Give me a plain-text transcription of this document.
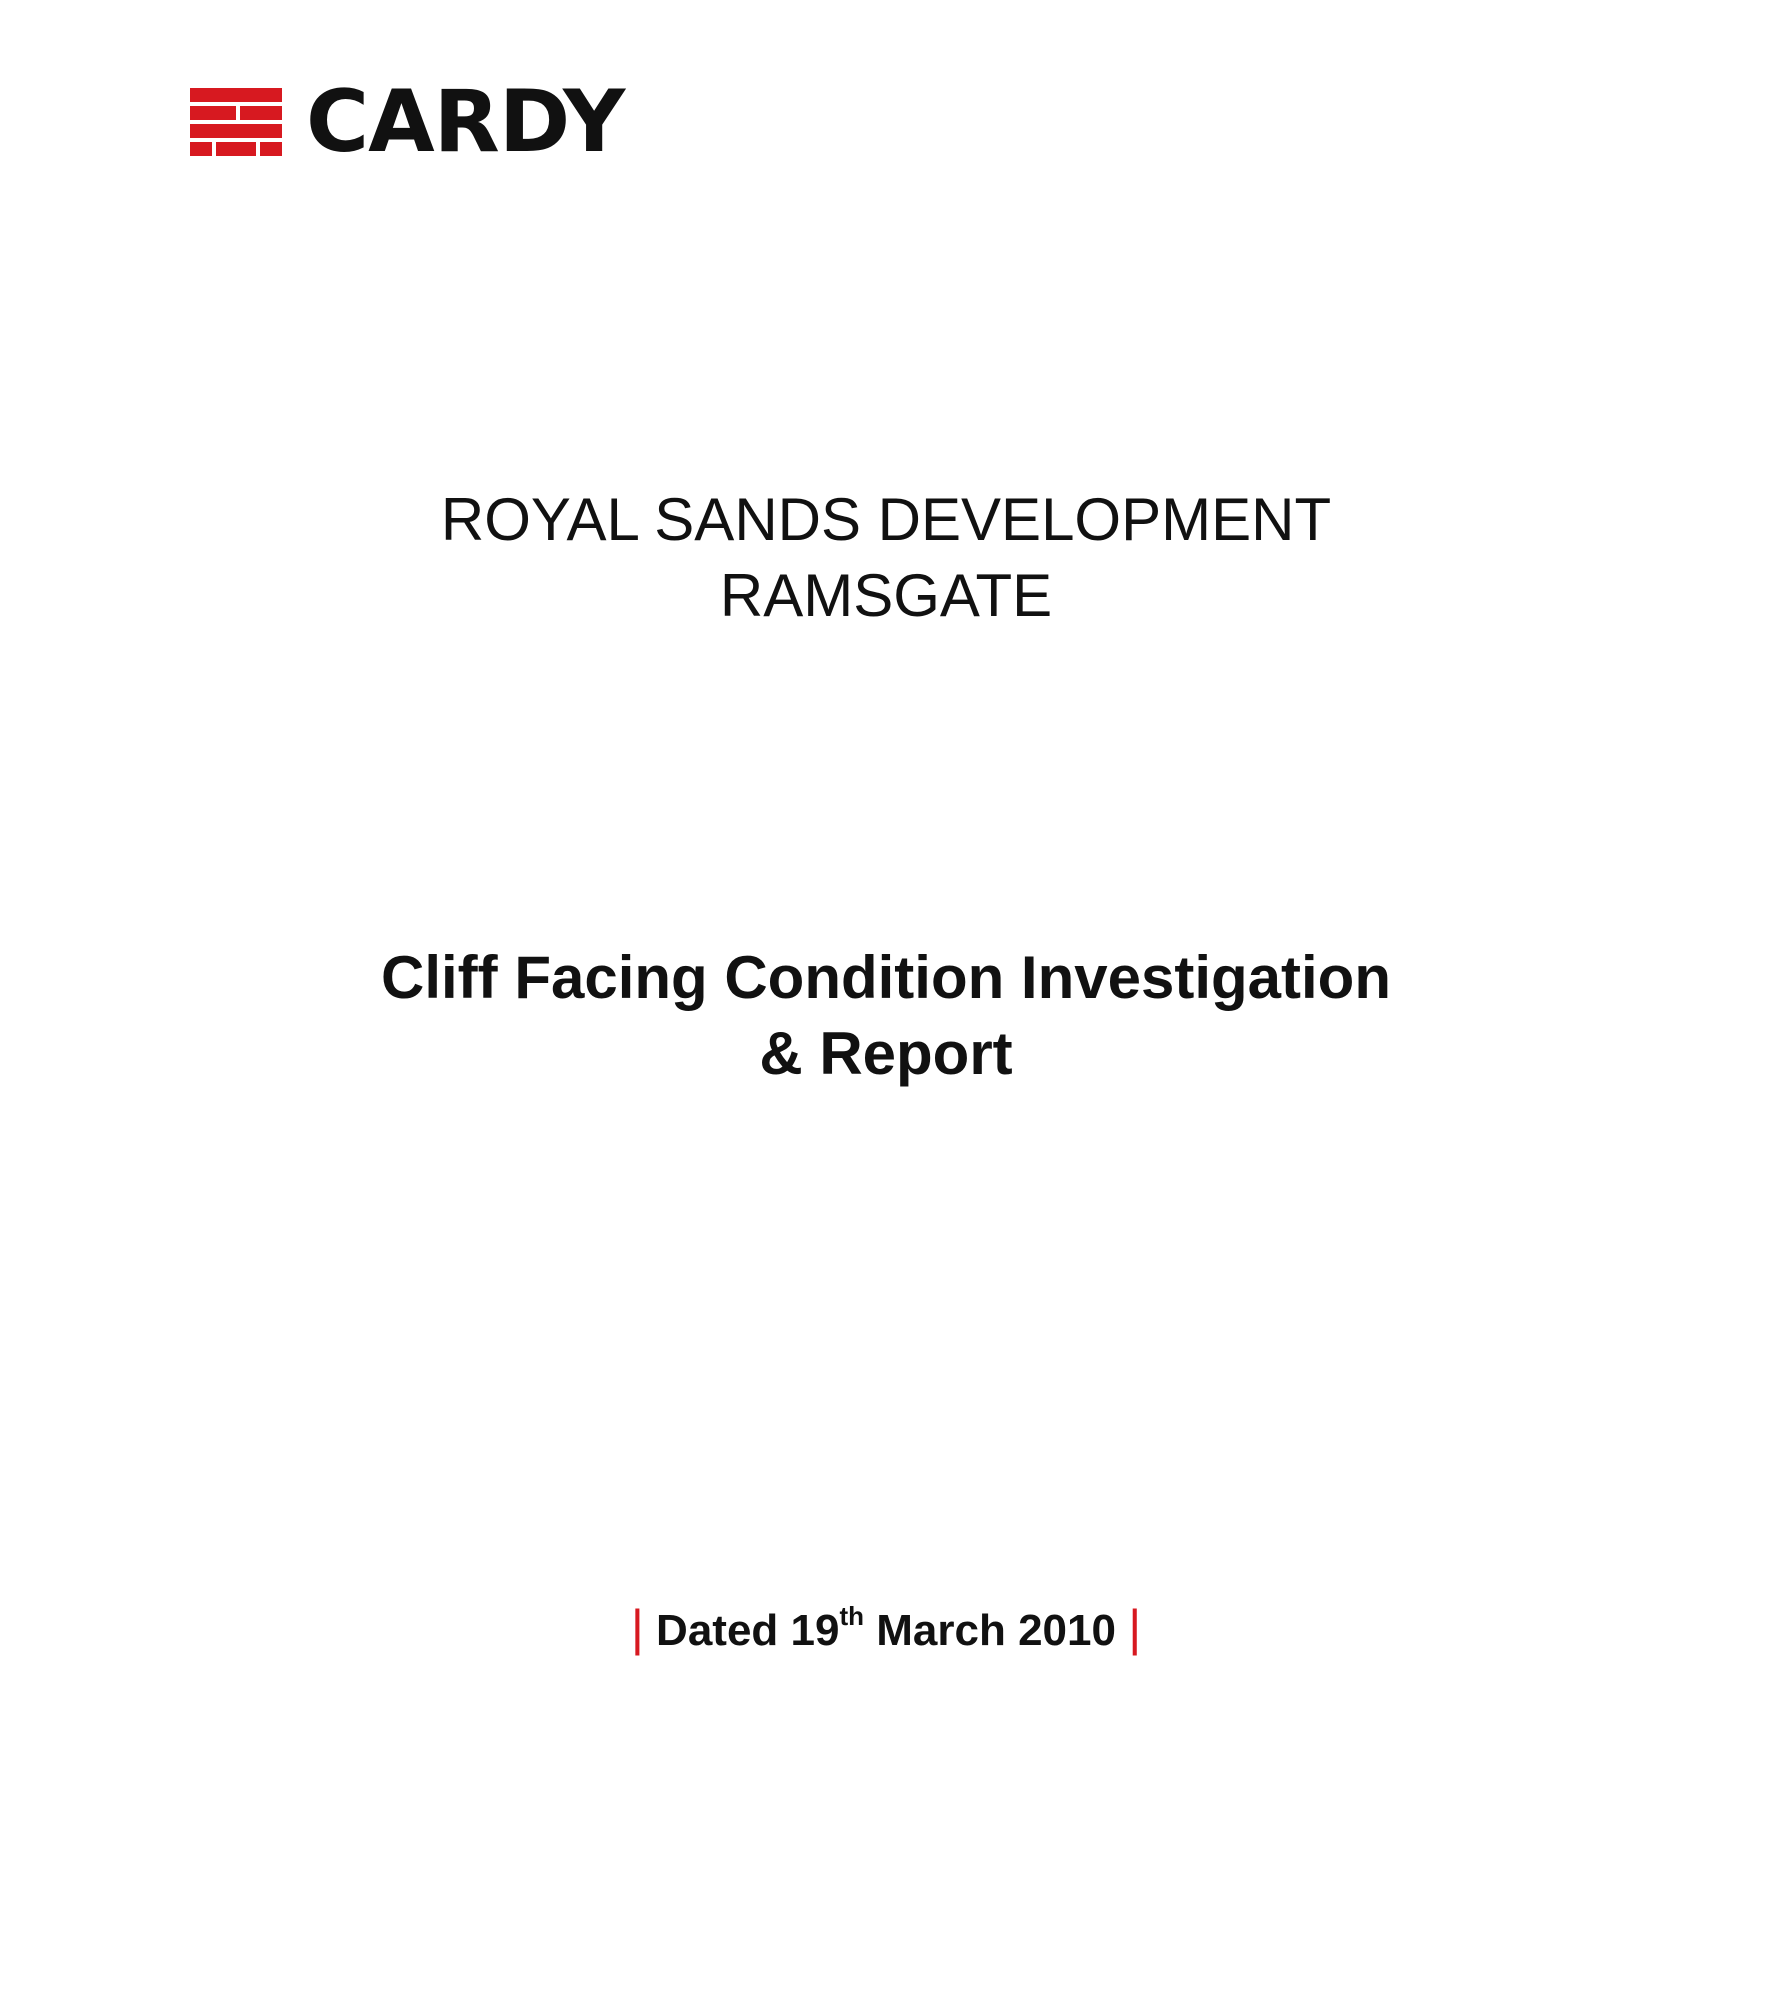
CARDY
ROYAL SANDS DEVELOPMENT
RAMSGATE
Cliff Facing Condition Investigation
& Report
| Dated 19th March 2010 |
